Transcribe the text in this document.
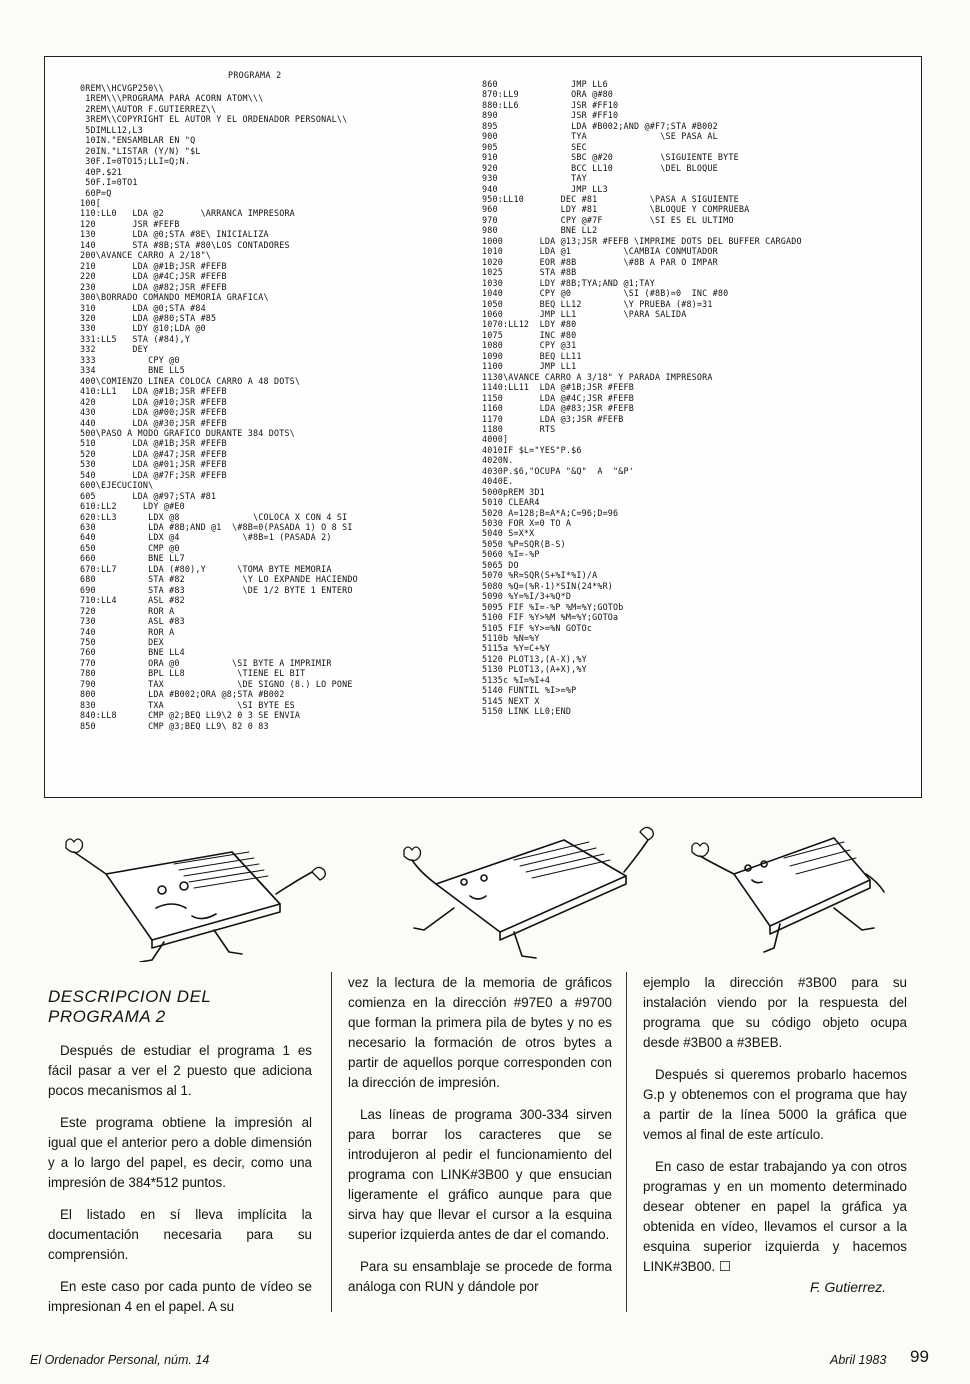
PROGRAMA 2
0REM\\HCVGP250\\
1REM\\\PROGRAMA PARA ACORN ATOM\\\
2REM\\AUTOR F.GUTIERREZ\\
3REM\\COPYRIGHT EL AUTOR Y EL ORDENADOR PERSONAL\\
5DIMLL12,L3
10IN."ENSAMBLAR EN "Q
20IN."LISTAR (Y/N) "$L
30F.I=0TO15;LLI=Q;N.
40P.$21
50F.I=0TO1
60P=Q
100[
110:LL0   LDA @2       \ARRANCA IMPRESORA
120       JSR #FEFB
130       LDA @0;STA #8E\ INICIALIZA
140       STA #8B;STA #80\LOS CONTADORES
200\AVANCE CARRO A 2/18"\
210       LDA @#1B;JSR #FEFB
220       LDA @#4C;JSR #FEFB
230       LDA @#82;JSR #FEFB
300\BORRADO COMANDO MEMORIA GRAFICA\
310       LDA @0;STA #84
320       LDA @#80;STA #85
330       LDY @10;LDA @0
331:LL5   STA (#84),Y
332       DEY
333          CPY @0
334          BNE LL5
400\COMIENZO LINEA COLOCA CARRO A 48 DOTS\
410:LL1   LDA @#1B;JSR #FEFB
420       LDA @#10;JSR #FEFB
430       LDA @#00;JSR #FEFB
440       LDA @#30;JSR #FEFB
500\PASO A MODO GRAFICO DURANTE 384 DOTS\
510       LDA @#1B;JSR #FEFB
520       LDA @#47;JSR #FEFB
530       LDA @#01;JSR #FEFB
540       LDA @#7F;JSR #FEFB
600\EJECUCION\
605       LDA @#97;STA #81
610:LL2     LDY @#E0
620:LL3      LDX @8              \COLOCA X CON 4 SI
630          LDA #8B;AND @1  \#8B=0(PASADA 1) O 8 SI
640          LDX @4            \#8B=1 (PASADA 2)
650          CMP @0
660          BNE LL7
670:LL7      LDA (#80),Y      \TOMA BYTE MEMORIA
680          STA #82           \Y LO EXPANDE HACIENDO
690          STA #83           \DE 1/2 BYTE 1 ENTERO
710:LL4      ASL #82
720          ROR A
730          ASL #83
740          ROR A
750          DEX
760          BNE LL4
770          ORA @0          \SI BYTE A IMPRIMIR
780          BPL LL8          \TIENE EL BIT
790          TAX              \DE SIGNO (8.) LO PONE
800          LDA #B002;ORA @8;STA #B002
830          TXA              \SI BYTE ES
840:LL8      CMP @2;BEQ LL9\2 0 3 SE ENVIA
850          CMP @3;BEQ LL9\ 82 0 83
860              JMP LL6
870:LL9          ORA @#80
880:LL6          JSR #FF10
890              JSR #FF10
895              LDA #B002;AND @#F7;STA #B002
900              TYA              \SE PASA AL
905              SEC
910              SBC @#20         \SIGUIENTE BYTE
920              BCC LL10         \DEL BLOQUE
930              TAY
940              JMP LL3
950:LL10       DEC #81          \PASA A SIGUIENTE
960            LDY #81          \BLOQUE Y COMPRUEBA
970            CPY @#7F         \SI ES EL ULTIMO
980            BNE LL2
1000       LDA @13;JSR #FEFB \IMPRIME DOTS DEL BUFFER CARGADO
1010       LDA @1          \CAMBIA CONMUTADOR
1020       EOR #8B         \#8B A PAR O IMPAR
1025       STA #8B
1030       LDY #8B;TYA;AND @1;TAY
1040       CPY @0          \SI (#8B)=0  INC #80
1050       BEQ LL12        \Y PRUEBA (#8)=31
1060       JMP LL1         \PARA SALIDA
1070:LL12  LDY #80
1075       INC #80
1080       CPY @31
1090       BEQ LL11
1100       JMP LL1
1130\AVANCE CARRO A 3/18" Y PARADA IMPRESORA
1140:LL11  LDA @#1B;JSR #FEFB
1150       LDA @#4C;JSR #FEFB
1160       LDA @#83;JSR #FEFB
1170       LDA @3;JSR #FEFB
1180       RTS
4000]
4010IF $L="YES"P.$6
4020N.
4030P.$6,"OCUPA "&Q"  A  "&P'
4040E.
5000pREM 3D1
5010 CLEAR4
5020 A=128;B=A*A;C=96;D=96
5030 FOR X=0 TO A
5040 S=X*X
5050 %P=SQR(B-S)
5060 %I=-%P
5065 DO
5070 %R=SQR(S+%I*%I)/A
5080 %Q=(%R-1)*SIN(24*%R)
5090 %Y=%I/3+%Q*D
5095 FIF %I=-%P %M=%Y;GOTOb
5100 FIF %Y>%M %M=%Y;GOTOa
5105 FIF %Y>=%N GOTOc
5110b %N=%Y
5115a %Y=C+%Y
5120 PLOT13,(A-X),%Y
5130 PLOT13,(A+X),%Y
5135c %I=%I+4
5140 FUNTIL %I>=%P
5145 NEXT X
5150 LINK LL0;END
DESCRIPCION DEL
PROGRAMA 2

Después de estudiar el programa 1 es fácil pasar a ver el 2 puesto que adiciona pocos mecanismos al 1.

Este programa obtiene la impresión al igual que el anterior pero a doble dimensión y a lo largo del papel, es decir, como una impresión de 384*512 puntos.

El listado en sí lleva implícita la documentación necesaria para su comprensión.

En este caso por cada punto de vídeo se impresionan 4 en el papel. A su

vez la lectura de la memoria de gráficos comienza en la dirección #97E0 a #9700 que forman la primera pila de bytes y no es necesario la formación de otros bytes a partir de aquellos porque corresponden con la dirección de impresión.

Las líneas de programa 300-334 sirven para borrar los caracteres que se introdujeron al pedir el funcionamiento del programa con LINK#3B00 y que ensucian ligeramente el gráfico aunque para que sirva hay que llevar el cursor a la esquina superior izquierda antes de dar el comando.

Para su ensamblaje se procede de forma análoga con RUN y dándole por

ejemplo la dirección #3B00 para su instalación viendo por la respuesta del programa que su código objeto ocupa desde #3B00 a #3BEB.

Después si queremos probarlo hacemos G.p y obtenemos con el programa que hay a partir de la línea 5000 la gráfica que vemos al final de este artículo.

En caso de estar trabajando ya con otros programas y en un momento determinado desear obtener en papel la gráfica ya obtenida en vídeo, llevamos el cursor a la esquina superior izquierda y hacemos LINK#3B00. ☐

F. Gutierrez.
El Ordenador Personal, núm. 14	Abril 1983 99
